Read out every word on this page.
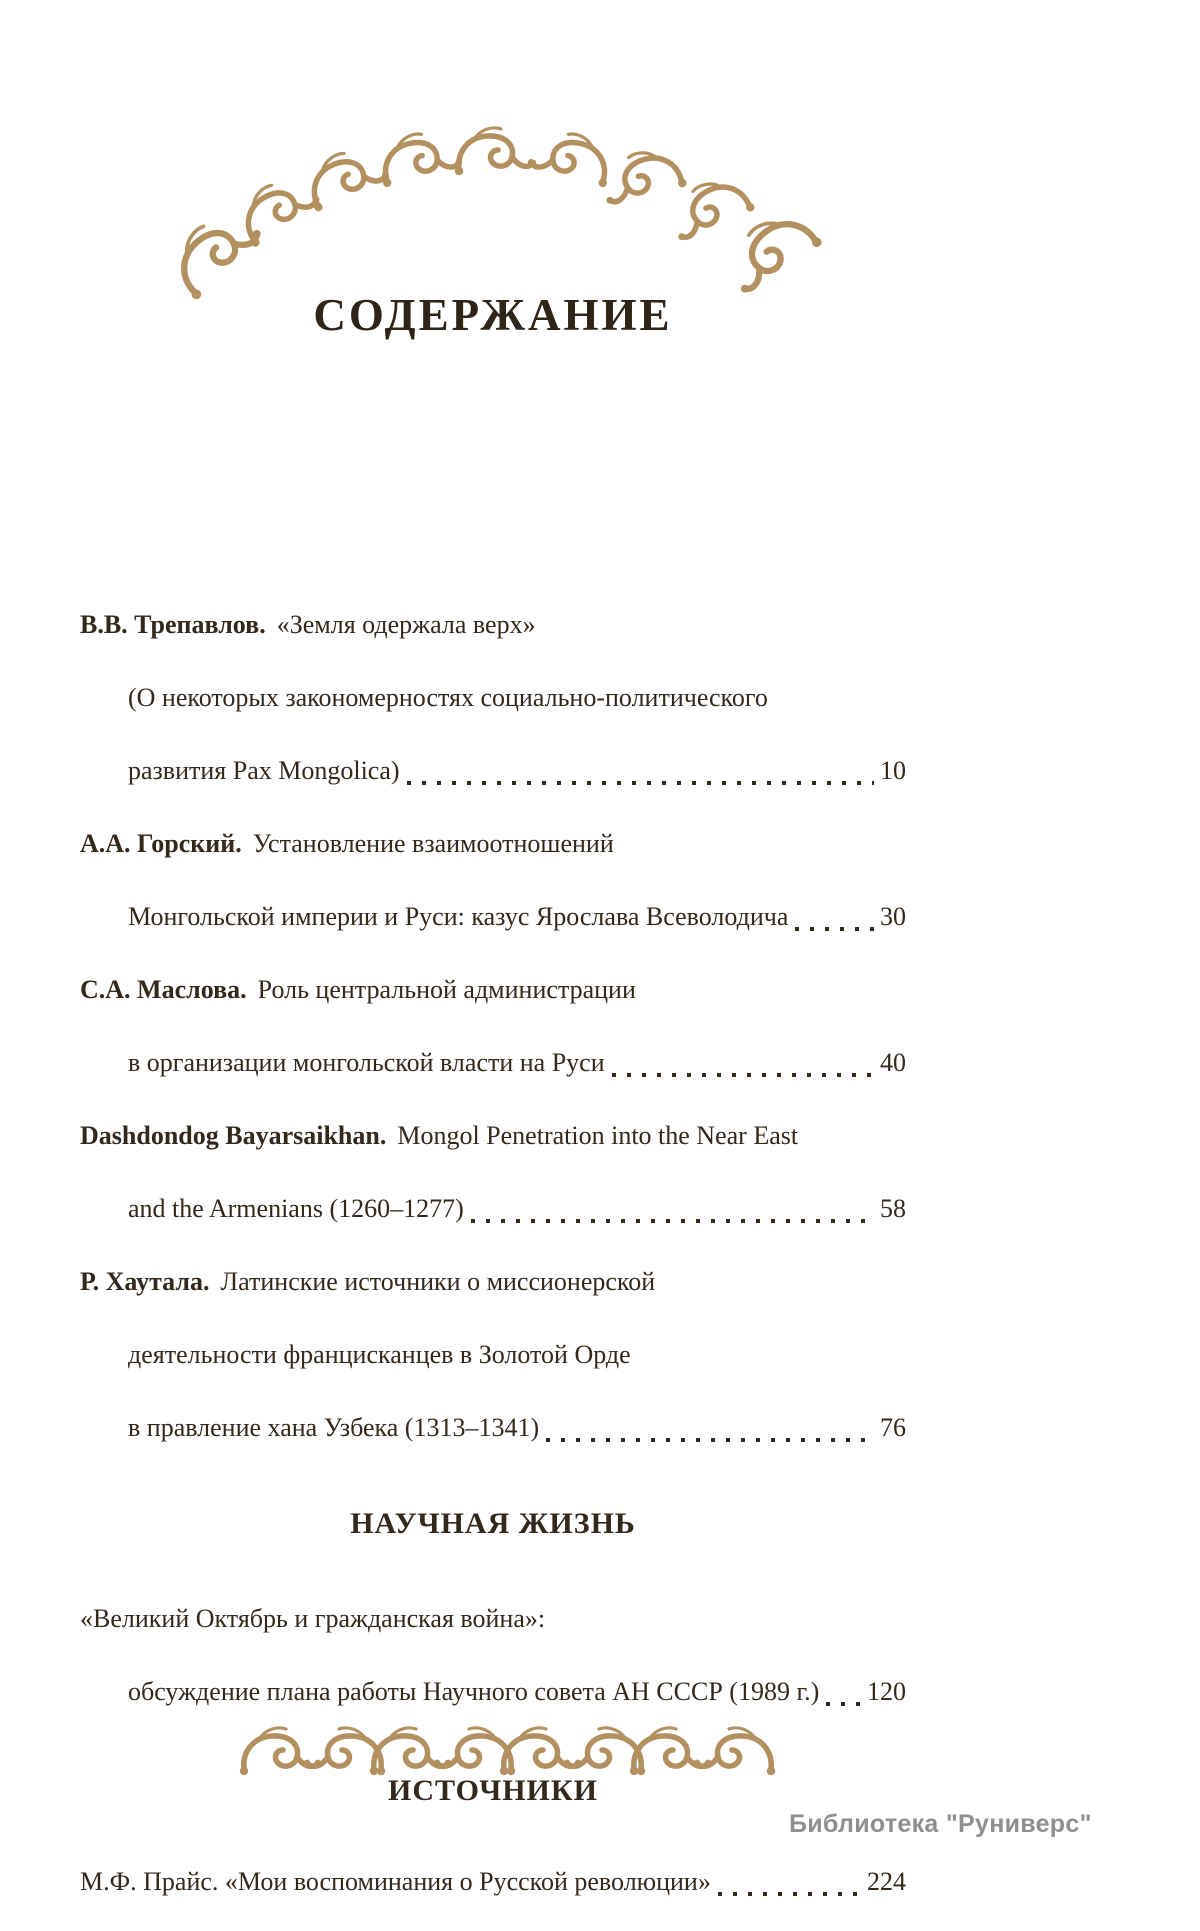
СОДЕРЖАНИЕ

В.В. Трепавлов. «Земля одержала верх»

(О некоторых закономерностях социально-политического

развития Pax Mongolica)	10

А.А. Горский. Установление взаимоотношений

Монгольской империи и Руси: казус Ярослава Всеволодича	30

С.А. Маслова. Роль центральной администрации

в организации монгольской власти на Руси	40

Dashdondog Bayarsaikhan. Mongol Penetration into the Near East

and the Armenians (1260–1277)	58

Р. Хаутала. Латинские источники о миссионерской

деятельности францисканцев в Золотой Орде

в правление хана Узбека (1313–1341)	76

НАУЧНАЯ ЖИЗНЬ

«Великий Октябрь и гражданская война»:

обсуждение плана работы Научного совета АН СССР (1989 г.) 120

ИСТОЧНИКИ

М.Ф. Прайс. «Мои воспоминания о Русской революции»	224

Библиотека "Руниверс"
